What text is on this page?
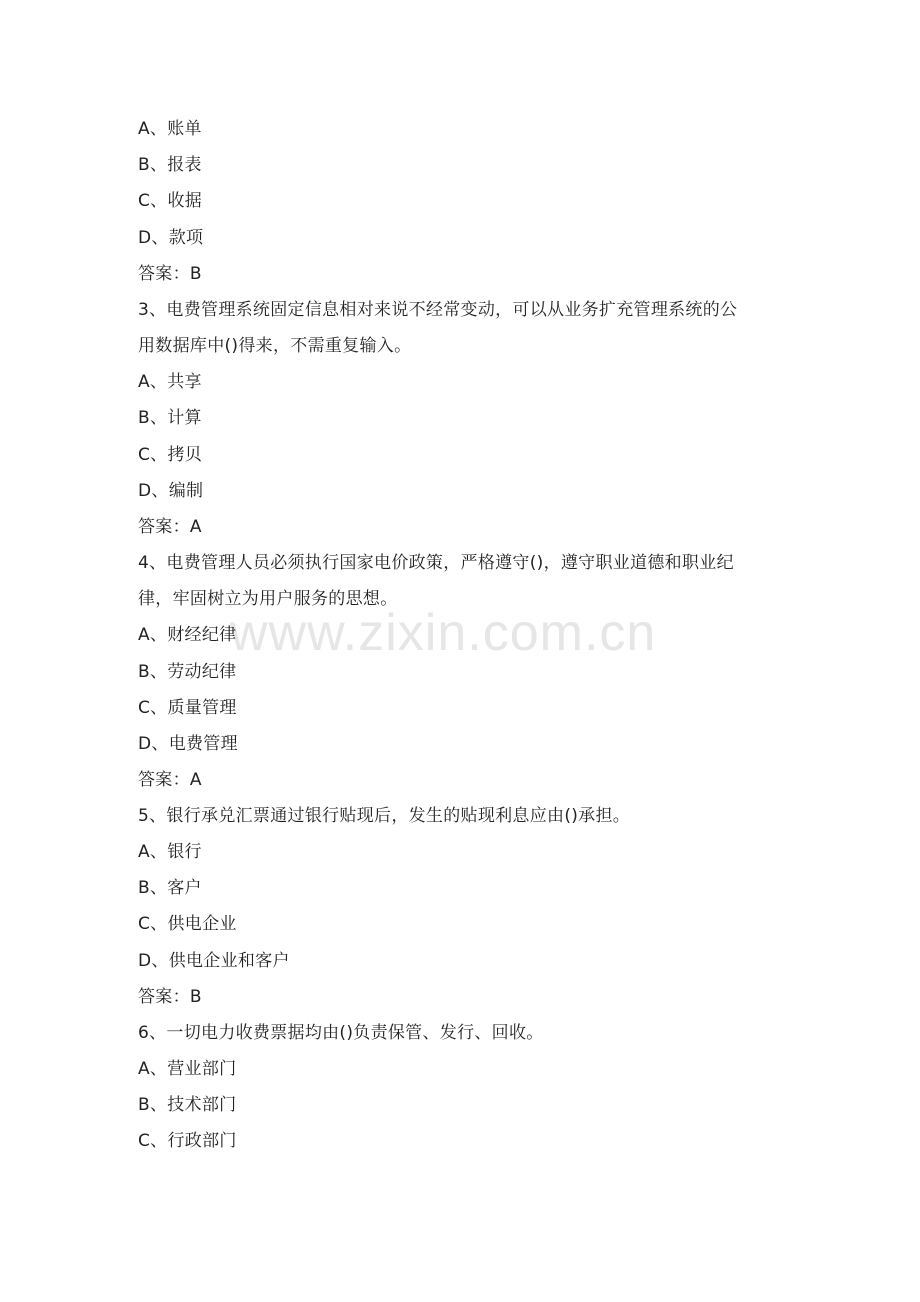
www.zixin.com.cn
A、账单
B、报表
C、收据
D、款项
答案：B
3、电费管理系统固定信息相对来说不经常变动，可以从业务扩充管理系统的公
用数据库中()得来，不需重复输入。
A、共享
B、计算
C、拷贝
D、编制
答案：A
4、电费管理人员必须执行国家电价政策，严格遵守()，遵守职业道德和职业纪
律，牢固树立为用户服务的思想。
A、财经纪律
B、劳动纪律
C、质量管理
D、电费管理
答案：A
5、银行承兑汇票通过银行贴现后，发生的贴现利息应由()承担。
A、银行
B、客户
C、供电企业
D、供电企业和客户
答案：B
6、一切电力收费票据均由()负责保管、发行、回收。
A、营业部门
B、技术部门
C、行政部门
